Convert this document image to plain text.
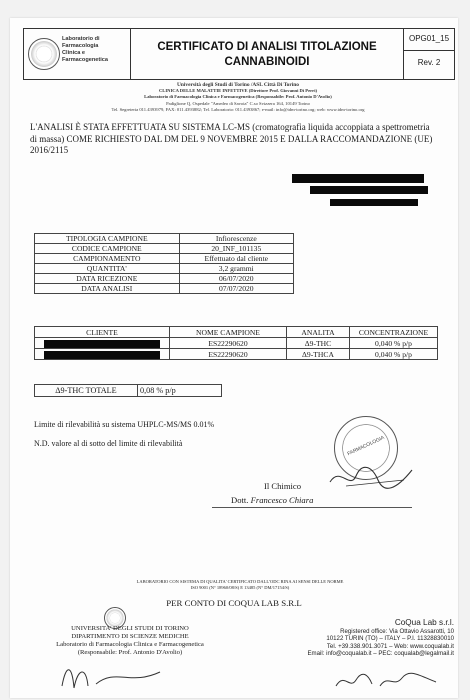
Laboratorio di
Farmacologia
Clinica e
Farmacogenetica
CERTIFICATO DI ANALISI TITOLAZIONE
CANNABINOIDI
OPG01_15
Rev. 2
Università degli Studi di Torino /ASL Città Di Torino
CLINICA DELLE MALATTIE INFETTIVE (Direttore Prof. Giovanni Di Perri)
Laboratorio di Farmacologia Clinica e Farmacogenetica (Responsabile: Prof. Antonio D'Avolio)
Padiglione Q, Ospedale "Amedeo di Savoia" C.so Svizzera 164, 10149 Torino
Tel. Segreteria 011.4393979, FAX: 011.4393882; Tel. Laboratorio: 011.4393867; e-mail: info@tdm-torino.org; web: www.tdm-torino.org
L'ANALISI È STATA EFFETTUATA SU SISTEMA LC-MS (cromatografia liquida accoppiata a spettrometria di massa) COME RICHIESTO DAL DM DEL 9 NOVEMBRE 2015 E DALLA RACCOMANDAZIONE (UE) 2016/2115
TIPOLOGIA CAMPIONE	Infiorescenze
CODICE CAMPIONE	20_INF_101135
CAMPIONAMENTO	Effettuato dal cliente
QUANTITA'	3,2 grammi
DATA RICEZIONE	06/07/2020
DATA ANALISI	07/07/2020
CLIENTE	NOME CAMPIONE	ANALITA	CONCENTRAZIONE
	ES22290620	Δ9-THC	0,040 % p/p
	ES22290620	Δ9-THCA	0,040 % p/p
Δ9-THC TOTALE	0,08 % p/p
Limite di rilevabilità su sistema UHPLC-MS/MS 0.01%
N.D. valore al di sotto del limite di rilevabilità	FARMACOLOGIA
Il Chimico
Dott. Francesco Chiara
LABORATORIO CON SISTEMA DI QUALITA' CERTIFICATO DALL'ODC RINA AI SENSI DELLE NORME
ISO 9001 (N° 18960/08/S) E 13485 (N° DM/17154/S)
PER CONTO DI COQUA LAB S.R.L
UNIVERSITA' DEGLI STUDI DI TORINO
DIPARTIMENTO DI SCIENZE MEDICHE
Laboratorio di Farmacologia Clinica e Farmacogenetica
(Responsabile: Prof. Antonio D'Avolio)
CoQua Lab s.r.l.
Registered office: Via Ottavio Assarotti, 10
10122 TURIN (TO) – ITALY – P.I. 11328830010
Tel. +39.338.901.3071 – Web: www.coqualab.it
Email: info@coqualab.it – PEC: coqualab@legalmail.it
